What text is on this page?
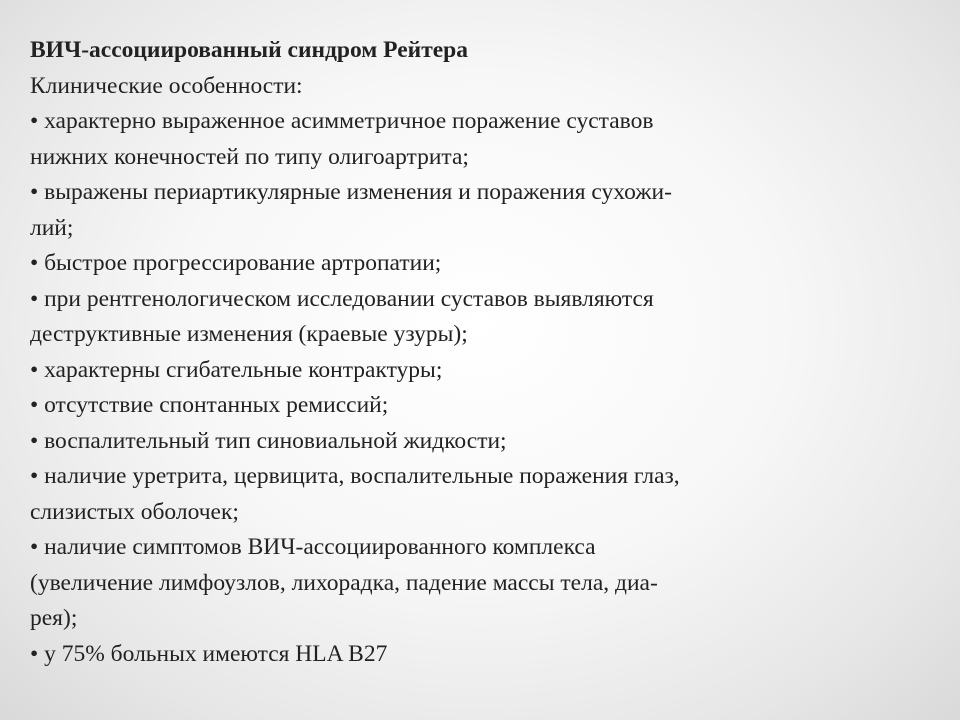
ВИЧ-ассоциированный синдром Рейтера
Клинические особенности:
• характерно выраженное асимметричное поражение суставов
нижних конечностей по типу олигоартрита;
• выражены периартикулярные изменения и поражения сухожи-
лий;
• быстрое прогрессирование артропатии;
• при рентгенологическом исследовании суставов выявляются
деструктивные изменения (краевые узуры);
• характерны сгибательные контрактуры;
• отсутствие спонтанных ремиссий;
• воспалительный тип синовиальной жидкости;
• наличие уретрита, цервицита, воспалительные поражения глаз,
слизистых оболочек;
• наличие симптомов ВИЧ-ассоциированного комплекса
(увеличение лимфоузлов, лихорадка, падение массы тела, диа-
рея);
• у 75% больных имеются HLA B27
